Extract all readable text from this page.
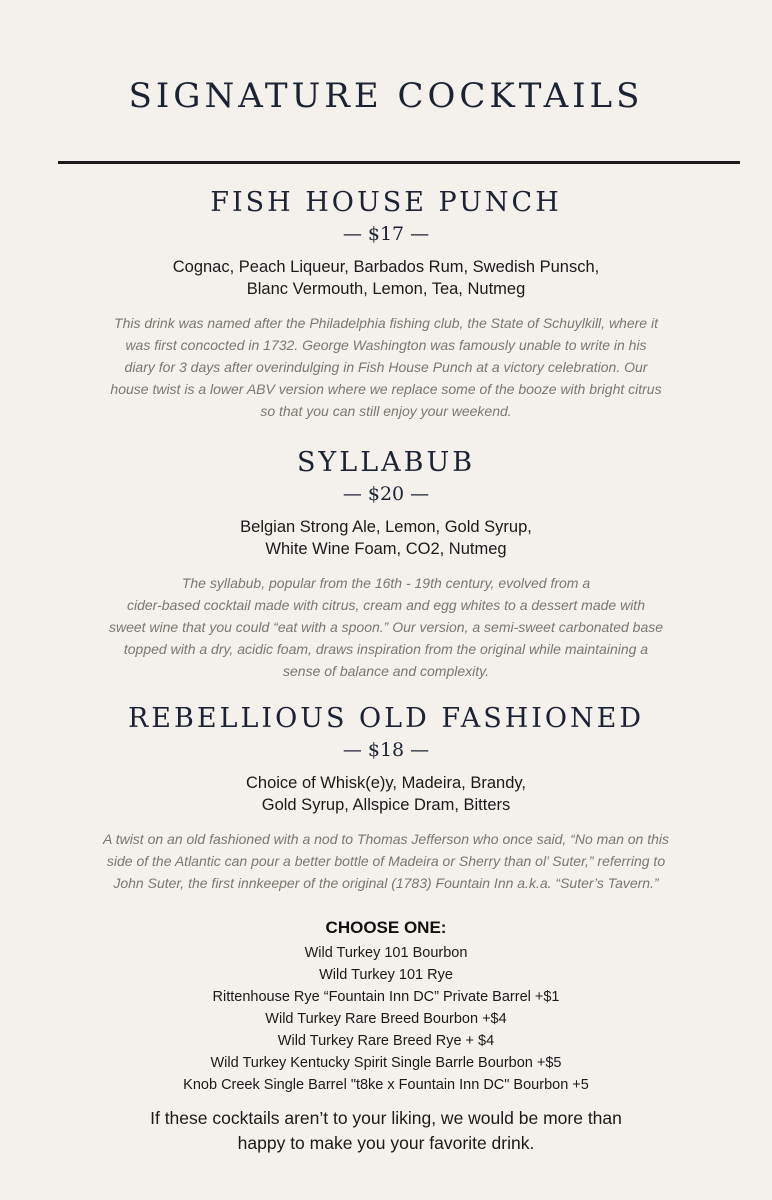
SIGNATURE COCKTAILS
FISH HOUSE PUNCH
— $17 —
Cognac, Peach Liqueur, Barbados Rum, Swedish Punsch,
Blanc Vermouth, Lemon, Tea, Nutmeg
This drink was named after the Philadelphia fishing club, the State of Schuylkill, where it
was first concocted in 1732. George Washington was famously unable to write in his
diary for 3 days after overindulging in Fish House Punch at a victory celebration. Our
house twist is a lower ABV version where we replace some of the booze with bright citrus
so that you can still enjoy your weekend.
SYLLABUB
— $20 —
Belgian Strong Ale, Lemon, Gold Syrup,
White Wine Foam, CO2, Nutmeg
The syllabub, popular from the 16th - 19th century, evolved from a
cider-based cocktail made with citrus, cream and egg whites to a dessert made with
sweet wine that you could “eat with a spoon.” Our version, a semi-sweet carbonated base
topped with a dry, acidic foam, draws inspiration from the original while maintaining a
sense of balance and complexity.
REBELLIOUS OLD FASHIONED
— $18 —
Choice of Whisk(e)y, Madeira, Brandy,
Gold Syrup, Allspice Dram, Bitters
A twist on an old fashioned with a nod to Thomas Jefferson who once said, “No man on this
side of the Atlantic can pour a better bottle of Madeira or Sherry than ol’ Suter,” referring to
John Suter, the first innkeeper of the original (1783) Fountain Inn a.k.a. “Suter’s Tavern.”
CHOOSE ONE:
Wild Turkey 101 Bourbon
Wild Turkey 101 Rye
Rittenhouse Rye “Fountain Inn DC” Private Barrel +$1
Wild Turkey Rare Breed Bourbon +$4
Wild Turkey Rare Breed Rye + $4
Wild Turkey Kentucky Spirit Single Barrle Bourbon +$5
Knob Creek Single Barrel "t8ke x Fountain Inn DC" Bourbon +5
If these cocktails aren’t to your liking, we would be more than
happy to make you your favorite drink.
